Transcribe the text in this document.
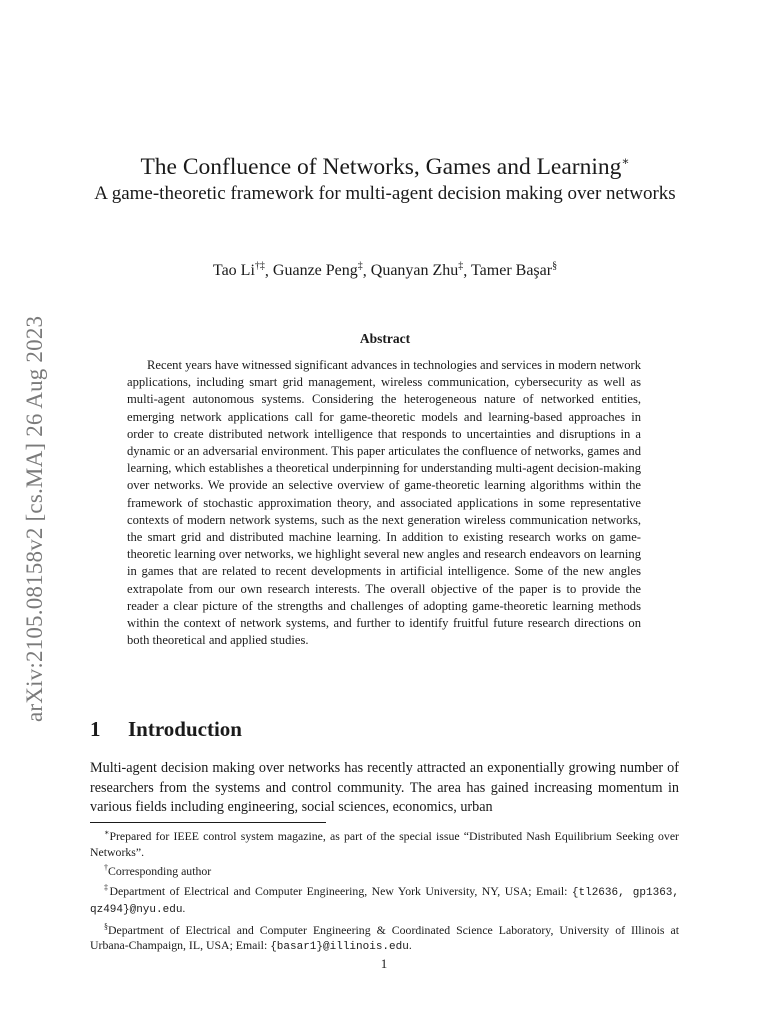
arXiv:2105.08158v2 [cs.MA] 26 Aug 2023
The Confluence of Networks, Games and Learning∗
A game-theoretic framework for multi-agent decision making over networks
Tao Li†‡, Guanze Peng‡, Quanyan Zhu‡, Tamer Başar§
Abstract
Recent years have witnessed significant advances in technologies and services in modern network applications, including smart grid management, wireless communication, cybersecurity as well as multi-agent autonomous systems. Considering the heterogeneous nature of networked entities, emerging network applications call for game-theoretic models and learning-based approaches in order to create distributed network intelligence that responds to uncertainties and disruptions in a dynamic or an adversarial environment. This paper articulates the confluence of networks, games and learning, which establishes a theoretical underpinning for understanding multi-agent decision-making over networks. We provide an selective overview of game-theoretic learning algorithms within the framework of stochastic approximation theory, and associated applications in some representative contexts of modern network systems, such as the next generation wireless communication networks, the smart grid and distributed machine learning. In addition to existing research works on game-theoretic learning over networks, we highlight several new angles and research endeavors on learning in games that are related to recent developments in artificial intelligence. Some of the new angles extrapolate from our own research interests. The overall objective of the paper is to provide the reader a clear picture of the strengths and challenges of adopting game-theoretic learning methods within the context of network systems, and further to identify fruitful future research directions on both theoretical and applied studies.
1 Introduction
Multi-agent decision making over networks has recently attracted an exponentially growing number of researchers from the systems and control community. The area has gained increasing momentum in various fields including engineering, social sciences, economics, urban
∗Prepared for IEEE control system magazine, as part of the special issue “Distributed Nash Equilibrium Seeking over Networks”.
†Corresponding author
‡Department of Electrical and Computer Engineering, New York University, NY, USA; Email: {tl2636, gp1363, qz494}@nyu.edu.
§Department of Electrical and Computer Engineering & Coordinated Science Laboratory, University of Illinois at Urbana-Champaign, IL, USA; Email: {basar1}@illinois.edu.
1
